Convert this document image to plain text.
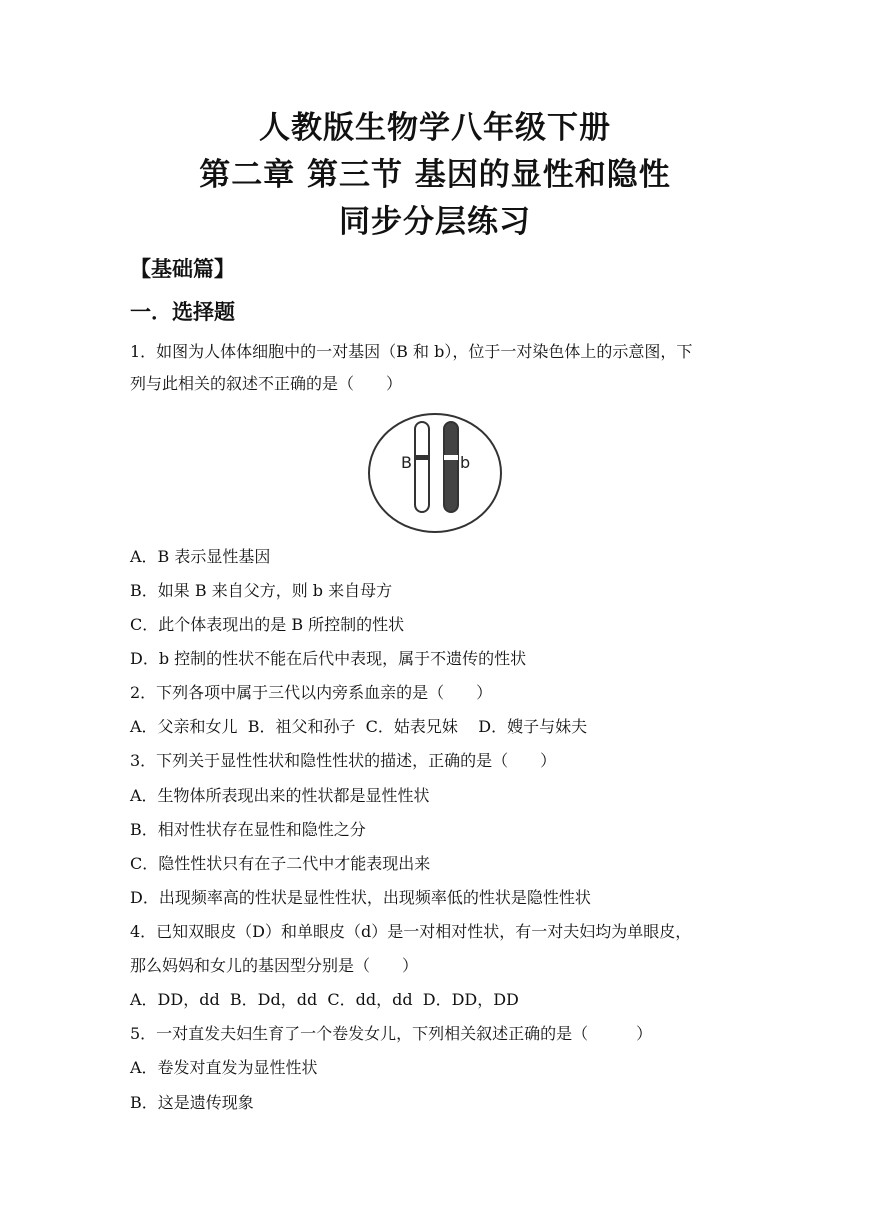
人教版生物学八年级下册
第二章 第三节 基因的显性和隐性
同步分层练习
【基础篇】
一．选择题
1．如图为人体体细胞中的一对基因（B 和 b），位于一对染色体上的示意图，下
列与此相关的叙述不正确的是（　　）
B	b
A．B 表示显性基因
B．如果 B 来自父方，则 b 来自母方
C．此个体表现出的是 B 所控制的性状
D．b 控制的性状不能在后代中表现，属于不遗传的性状
2．下列各项中属于三代以内旁系血亲的是（　　）
A．父亲和女儿  B．祖父和孙子  C．姑表兄妹    D．嫂子与妹夫
3．下列关于显性性状和隐性性状的描述，正确的是（　　）
A．生物体所表现出来的性状都是显性性状
B．相对性状存在显性和隐性之分
C．隐性性状只有在子二代中才能表现出来
D．出现频率高的性状是显性性状，出现频率低的性状是隐性性状
4．已知双眼皮（D）和单眼皮（d）是一对相对性状，有一对夫妇均为单眼皮，
那么妈妈和女儿的基因型分别是（　　）
A．DD，dd  B．Dd，dd  C．dd，dd  D．DD，DD
5．一对直发夫妇生育了一个卷发女儿，下列相关叙述正确的是（　　　）
A．卷发对直发为显性性状
B．这是遗传现象
